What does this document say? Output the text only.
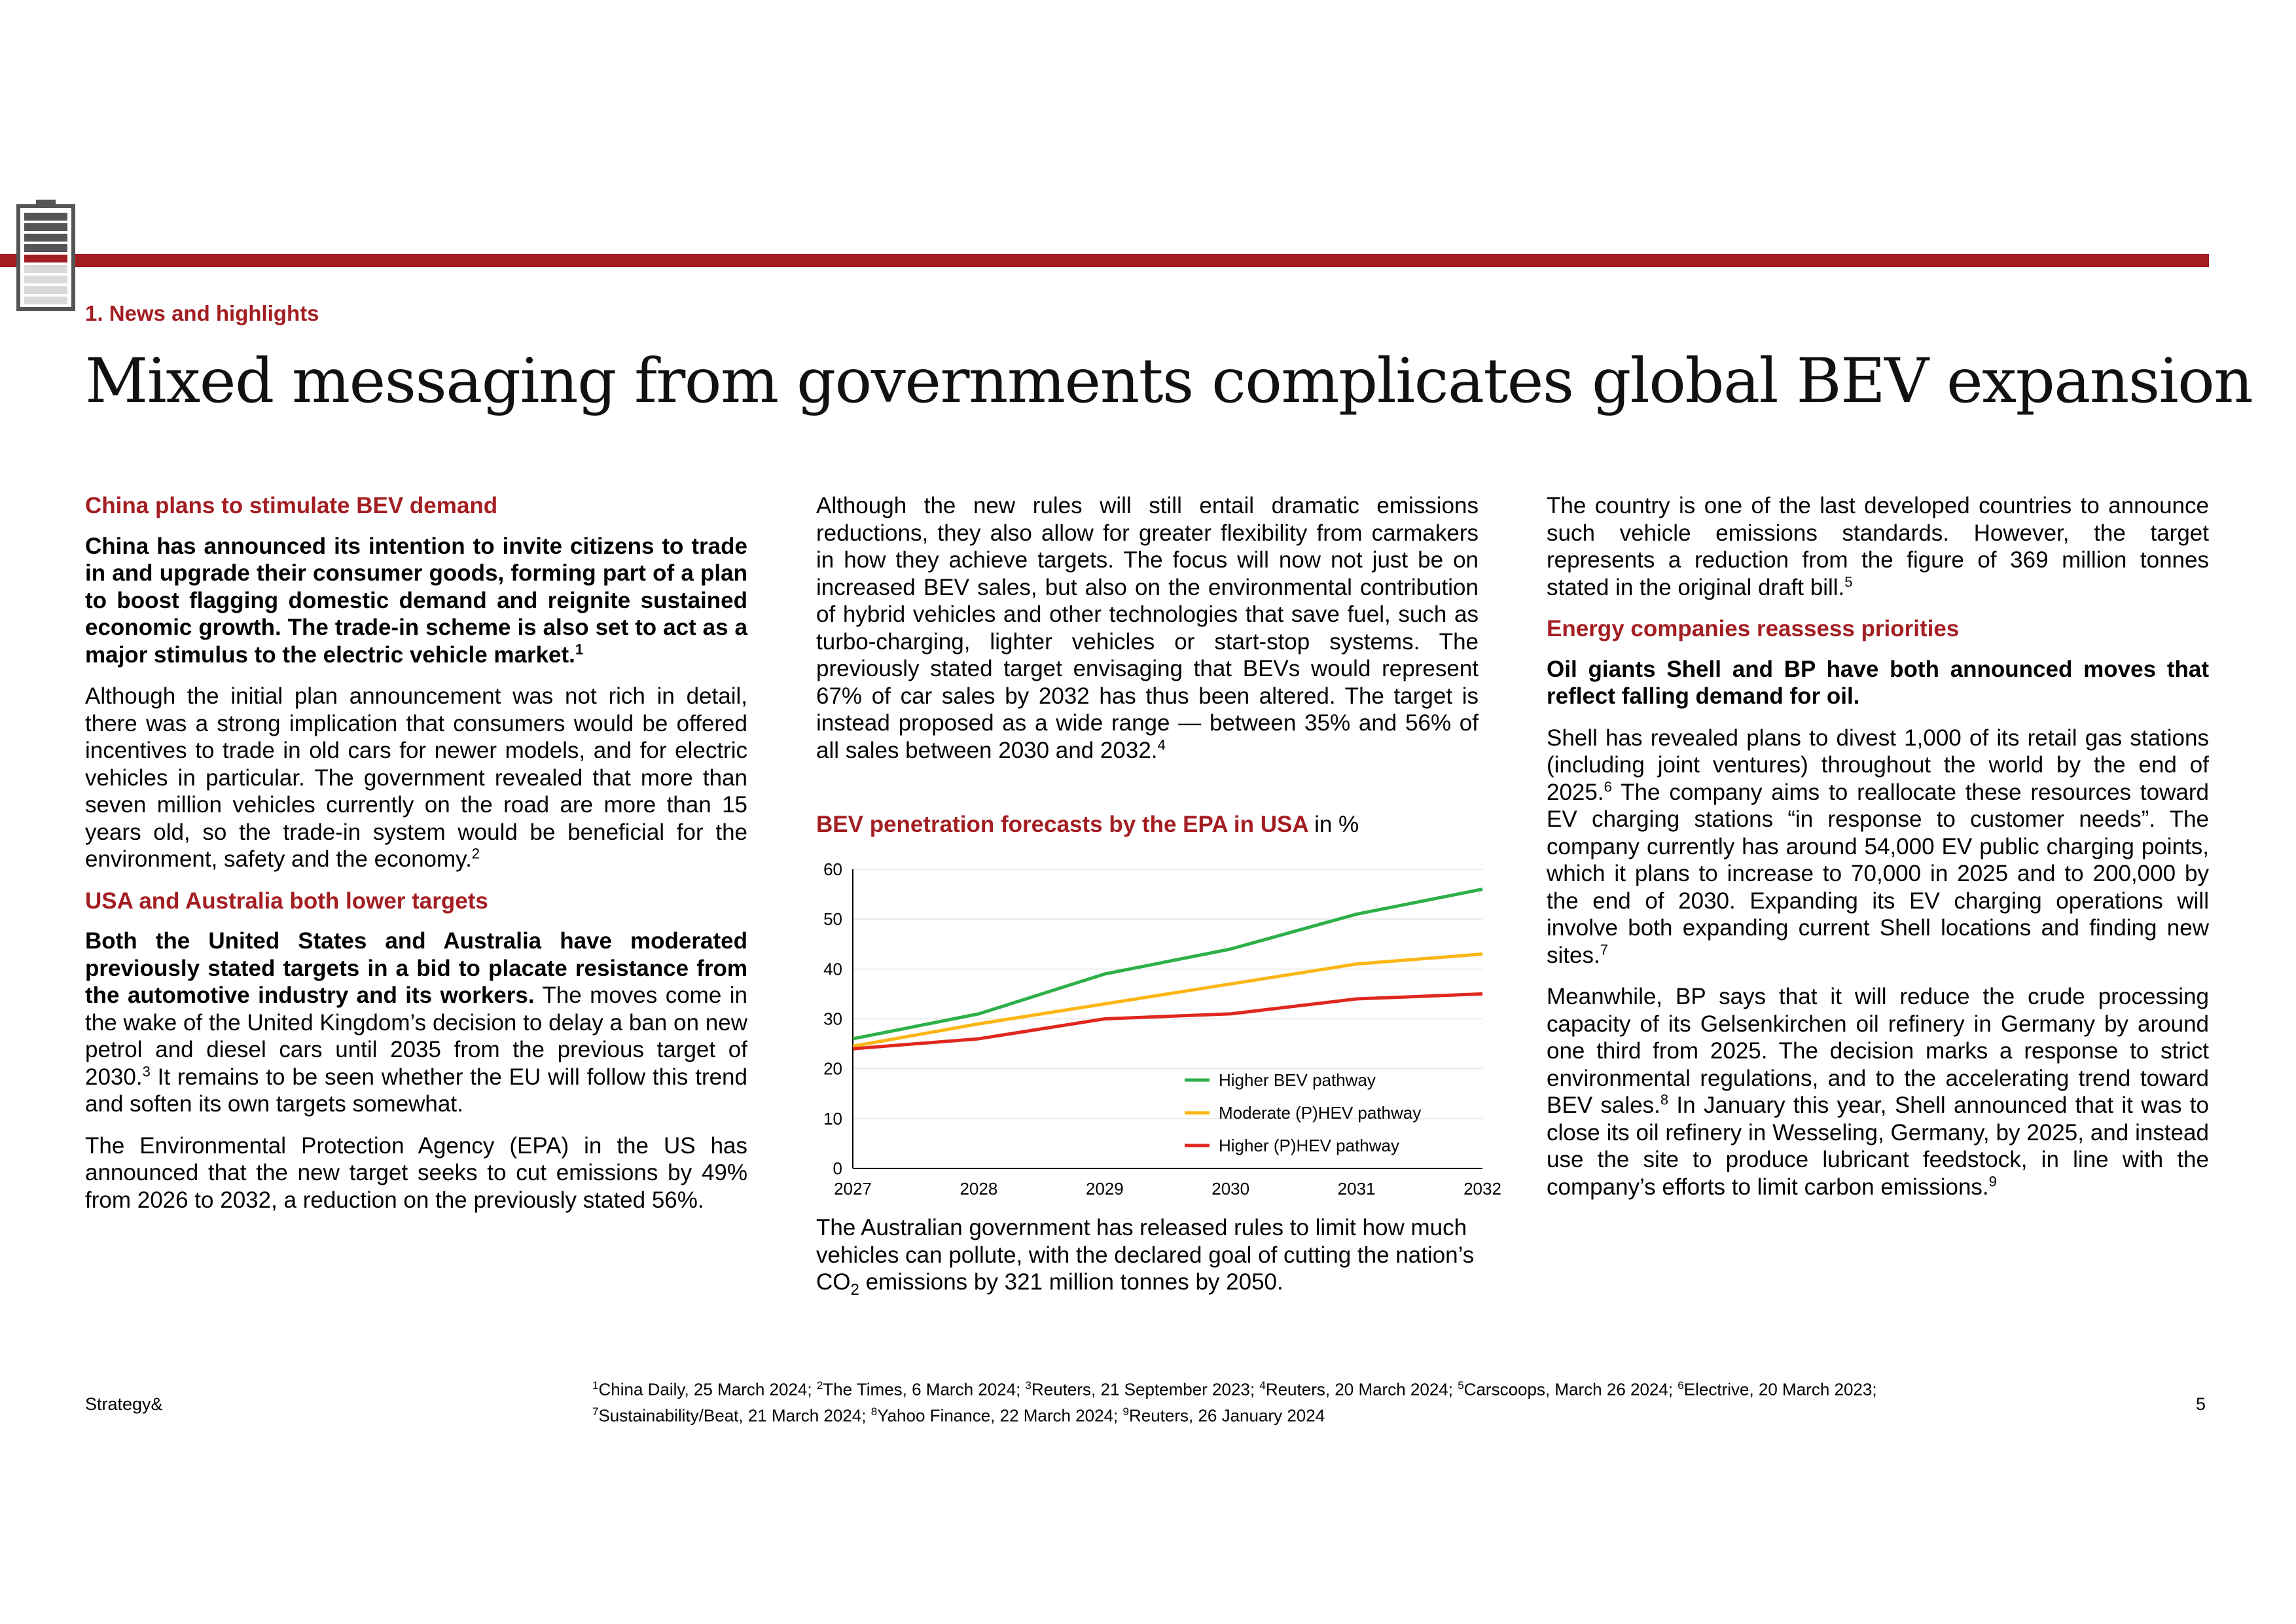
1. News and highlights
Mixed messaging from governments complicates global BEV expansion
China plans to stimulate BEV demand

China has announced its intention to invite citizens to trade in and upgrade their consumer goods, forming part of a plan to boost flagging domestic demand and reignite sustained economic growth. The trade-in scheme is also set to act as a major stimulus to the electric vehicle market.$^1$

Although the initial plan announcement was not rich in detail, there was a strong implication that consumers would be offered incentives to trade in old cars for newer models, and for electric vehicles in particular. The government revealed that more than seven million vehicles currently on the road are more than 15 years old, so the trade-in system would be beneficial for the environment, safety and the economy.$^2$

USA and Australia both lower targets

Both the United States and Australia have moderated previously stated targets in a bid to placate resistance from the automotive industry and its workers. The moves come in the wake of the United Kingdom’s decision to delay a ban on new petrol and diesel cars until 2035 from the previous target of 2030.$^3$ It remains to be seen whether the EU will follow this trend and soften its own targets somewhat.

The Environmental Protection Agency (EPA) in the US has announced that the new target seeks to cut emissions by 49% from 2026 to 2032, a reduction on the previously stated 56%.

Although the new rules will still entail dramatic emissions reductions, they also allow for greater flexibility from carmakers in how they achieve targets. The focus will now not just be on increased BEV sales, but also on the environmental contribution of hybrid vehicles and other technologies that save fuel, such as turbo-charging, lighter vehicles or start-stop systems. The previously stated target envisaging that BEVs would represent 67% of car sales by 2032 has thus been altered. The target is instead proposed as a wide range — between 35% and 56% of all sales between 2030 and 2032.$^4$

BEV penetration forecasts by the EPA in USA in %
0
10
20
30
40
50
60
2027	2028	2029	2030	2031	2032
Higher BEV pathway
Moderate (P)HEV pathway
Higher (P)HEV pathway

The Australian government has released rules to limit how much vehicles can pollute, with the declared goal of cutting the nation’s $CO_2$ emissions by 321 million tonnes by 2050.

The country is one of the last developed countries to announce such vehicle emissions standards. However, the target represents a reduction from the figure of 369 million tonnes stated in the original draft bill.$^5$

Energy companies reassess priorities

Oil giants Shell and BP have both announced moves that reflect falling demand for oil.

Shell has revealed plans to divest 1,000 of its retail gas stations (including joint ventures) throughout the world by the end of 2025.$^6$ The company aims to reallocate these resources toward EV charging stations “in response to customer needs”. The company currently has around 54,000 EV public charging points, which it plans to increase to 70,000 in 2025 and to 200,000 by the end of 2030. Expanding its EV charging operations will involve both expanding current Shell locations and finding new sites.$^7$

Meanwhile, BP says that it will reduce the crude processing capacity of its Gelsenkirchen oil refinery in Germany by around one third from 2025. The decision marks a response to strict environmental regulations, and to the accelerating trend toward BEV sales.$^8$ In January this year, Shell announced that it was to close its oil refinery in Wesseling, Germany, by 2025, and instead use the site to produce lubricant feedstock, in line with the company’s efforts to limit carbon emissions.$^9$

Strategy&
$^1$China Daily, 25 March 2024; $^2$The Times, 6 March 2024; $^3$Reuters, 21 September 2023; $^4$Reuters, 20 March 2024; $^5$Carscoops, March 26 2024; $^6$Electrive, 20 March 2023;
$^7$Sustainability/Beat, 21 March 2024; $^8$Yahoo Finance, 22 March 2024; $^9$Reuters, 26 January 2024
5
